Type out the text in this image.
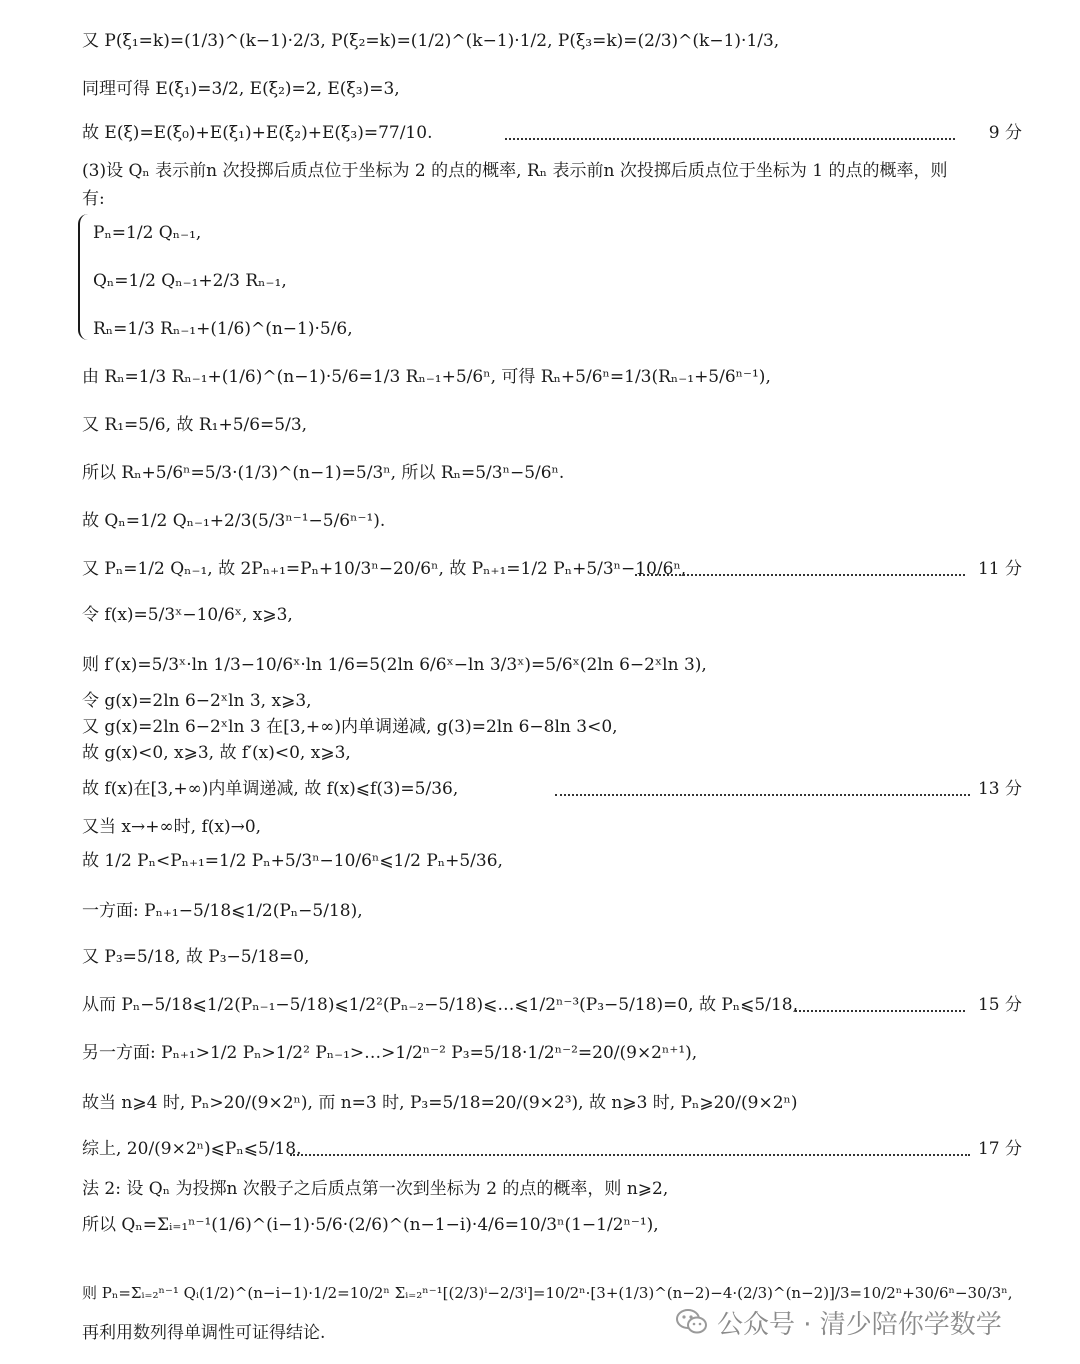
又 P(ξ₁=k)=(1/3)^(k−1)·2/3, P(ξ₂=k)=(1/2)^(k−1)·1/2, P(ξ₃=k)=(2/3)^(k−1)·1/3,
同理可得 E(ξ₁)=3/2, E(ξ₂)=2, E(ξ₃)=3,
故 E(ξ)=E(ξ₀)+E(ξ₁)+E(ξ₂)+E(ξ₃)=77/10.	9 分
(3)设 Qₙ 表示前n 次投掷后质点位于坐标为 2 的点的概率, Rₙ 表示前n 次投掷后质点位于坐标为 1 的点的概率，则
有:
Pₙ=1/2 Qₙ₋₁,
Qₙ=1/2 Qₙ₋₁+2/3 Rₙ₋₁,
Rₙ=1/3 Rₙ₋₁+(1/6)^(n−1)·5/6,
由 Rₙ=1/3 Rₙ₋₁+(1/6)^(n−1)·5/6=1/3 Rₙ₋₁+5/6ⁿ, 可得 Rₙ+5/6ⁿ=1/3(Rₙ₋₁+5/6ⁿ⁻¹),
又 R₁=5/6, 故 R₁+5/6=5/3,
所以 Rₙ+5/6ⁿ=5/3·(1/3)^(n−1)=5/3ⁿ, 所以 Rₙ=5/3ⁿ−5/6ⁿ.
故 Qₙ=1/2 Qₙ₋₁+2/3(5/3ⁿ⁻¹−5/6ⁿ⁻¹).
又 Pₙ=1/2 Qₙ₋₁, 故 2Pₙ₊₁=Pₙ+10/3ⁿ−20/6ⁿ, 故 Pₙ₊₁=1/2 Pₙ+5/3ⁿ−10/6ⁿ,	11 分
令 f(x)=5/3ˣ−10/6ˣ, x⩾3,
则 f′(x)=5/3ˣ·ln 1/3−10/6ˣ·ln 1/6=5(2ln 6/6ˣ−ln 3/3ˣ)=5/6ˣ(2ln 6−2ˣln 3),
令 g(x)=2ln 6−2ˣln 3, x⩾3,
又 g(x)=2ln 6−2ˣln 3 在[3,+∞)内单调递减, g(3)=2ln 6−8ln 3<0,
故 g(x)<0, x⩾3, 故 f′(x)<0, x⩾3,
故 f(x)在[3,+∞)内单调递减, 故 f(x)⩽f(3)=5/36,	13 分
又当 x→+∞时, f(x)→0,
故 1/2 Pₙ<Pₙ₊₁=1/2 Pₙ+5/3ⁿ−10/6ⁿ⩽1/2 Pₙ+5/36,
一方面: Pₙ₊₁−5/18⩽1/2(Pₙ−5/18),
又 P₃=5/18, 故 P₃−5/18=0,
从而 Pₙ−5/18⩽1/2(Pₙ₋₁−5/18)⩽1/2²(Pₙ₋₂−5/18)⩽…⩽1/2ⁿ⁻³(P₃−5/18)=0, 故 Pₙ⩽5/18,	15 分
另一方面: Pₙ₊₁>1/2 Pₙ>1/2² Pₙ₋₁>…>1/2ⁿ⁻² P₃=5/18·1/2ⁿ⁻²=20/(9×2ⁿ⁺¹),
故当 n⩾4 时, Pₙ>20/(9×2ⁿ), 而 n=3 时, P₃=5/18=20/(9×2³), 故 n⩾3 时, Pₙ⩾20/(9×2ⁿ)
综上, 20/(9×2ⁿ)⩽Pₙ⩽5/18.	17 分
法 2: 设 Qₙ 为投掷n 次骰子之后质点第一次到坐标为 2 的点的概率，则 n⩾2,
所以 Qₙ=Σᵢ₌₁ⁿ⁻¹(1/6)^(i−1)·5/6·(2/6)^(n−1−i)·4/6=10/3ⁿ(1−1/2ⁿ⁻¹),
则 Pₙ=Σᵢ₌₂ⁿ⁻¹ Qᵢ(1/2)^(n−i−1)·1/2=10/2ⁿ Σᵢ₌₂ⁿ⁻¹[(2/3)ⁱ−2/3ⁱ]=10/2ⁿ·[3+(1/3)^(n−2)−4·(2/3)^(n−2)]/3=10/2ⁿ+30/6ⁿ−30/3ⁿ,
再利用数列得单调性可证得结论.	公众号 · 清少陪你学数学
